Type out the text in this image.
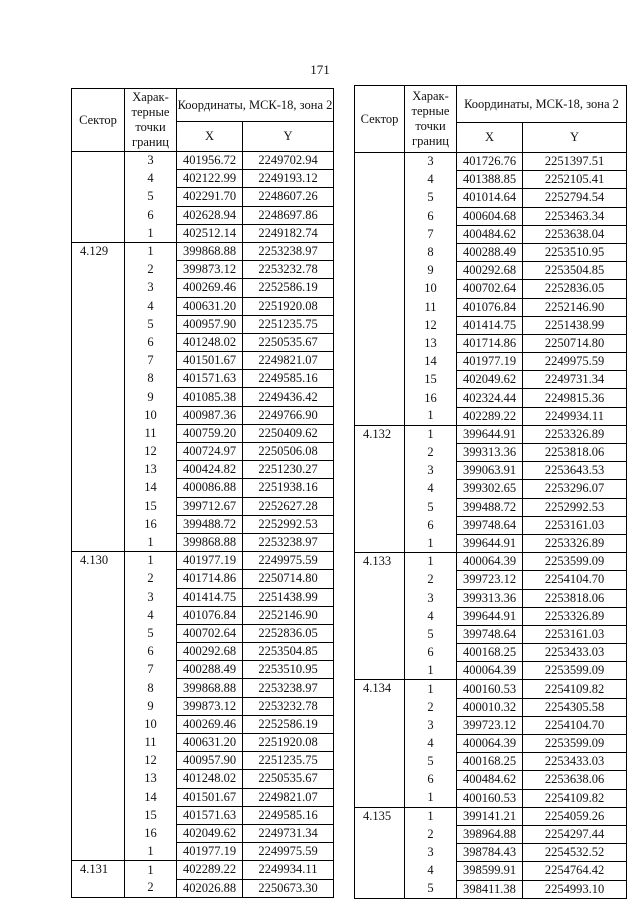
171
Сектор	Харак-терные точки границ	Координаты, МСК-18, зона 2	
		X	Y
	3	401956.72	2249702.94
	4	402122.99	2249193.12
	5	402291.70	2248607.26
	6	402628.94	2248697.86
	1	402512.14	2249182.74
4.129	1	399868.88	2253238.97
	2	399873.12	2253232.78
	3	400269.46	2252586.19
	4	400631.20	2251920.08
	5	400957.90	2251235.75
	6	401248.02	2250535.67
	7	401501.67	2249821.07
	8	401571.63	2249585.16
	9	401085.38	2249436.42
	10	400987.36	2249766.90
	11	400759.20	2250409.62
	12	400724.97	2250506.08
	13	400424.82	2251230.27
	14	400086.88	2251938.16
	15	399712.67	2252627.28
	16	399488.72	2252992.53
	1	399868.88	2253238.97
4.130	1	401977.19	2249975.59
	2	401714.86	2250714.80
	3	401414.75	2251438.99
	4	401076.84	2252146.90
	5	400702.64	2252836.05
	6	400292.68	2253504.85
	7	400288.49	2253510.95
	8	399868.88	2253238.97
	9	399873.12	2253232.78
	10	400269.46	2252586.19
	11	400631.20	2251920.08
	12	400957.90	2251235.75
	13	401248.02	2250535.67
	14	401501.67	2249821.07
	15	401571.63	2249585.16
	16	402049.62	2249731.34
	1	401977.19	2249975.59
4.131	1	402289.22	2249934.11
	2	402026.88	2250673.30
Сектор	Харак-терные точки границ	Координаты, МСК-18, зона 2	
		X	Y
	3	401726.76	2251397.51
	4	401388.85	2252105.41
	5	401014.64	2252794.54
	6	400604.68	2253463.34
	7	400484.62	2253638.04
	8	400288.49	2253510.95
	9	400292.68	2253504.85
	10	400702.64	2252836.05
	11	401076.84	2252146.90
	12	401414.75	2251438.99
	13	401714.86	2250714.80
	14	401977.19	2249975.59
	15	402049.62	2249731.34
	16	402324.44	2249815.36
	1	402289.22	2249934.11
4.132	1	399644.91	2253326.89
	2	399313.36	2253818.06
	3	399063.91	2253643.53
	4	399302.65	2253296.07
	5	399488.72	2252992.53
	6	399748.64	2253161.03
	1	399644.91	2253326.89
4.133	1	400064.39	2253599.09
	2	399723.12	2254104.70
	3	399313.36	2253818.06
	4	399644.91	2253326.89
	5	399748.64	2253161.03
	6	400168.25	2253433.03
	1	400064.39	2253599.09
4.134	1	400160.53	2254109.82
	2	400010.32	2254305.58
	3	399723.12	2254104.70
	4	400064.39	2253599.09
	5	400168.25	2253433.03
	6	400484.62	2253638.06
	1	400160.53	2254109.82
4.135	1	399141.21	2254059.26
	2	398964.88	2254297.44
	3	398784.43	2254532.52
	4	398599.91	2254764.42
	5	398411.38	2254993.10
